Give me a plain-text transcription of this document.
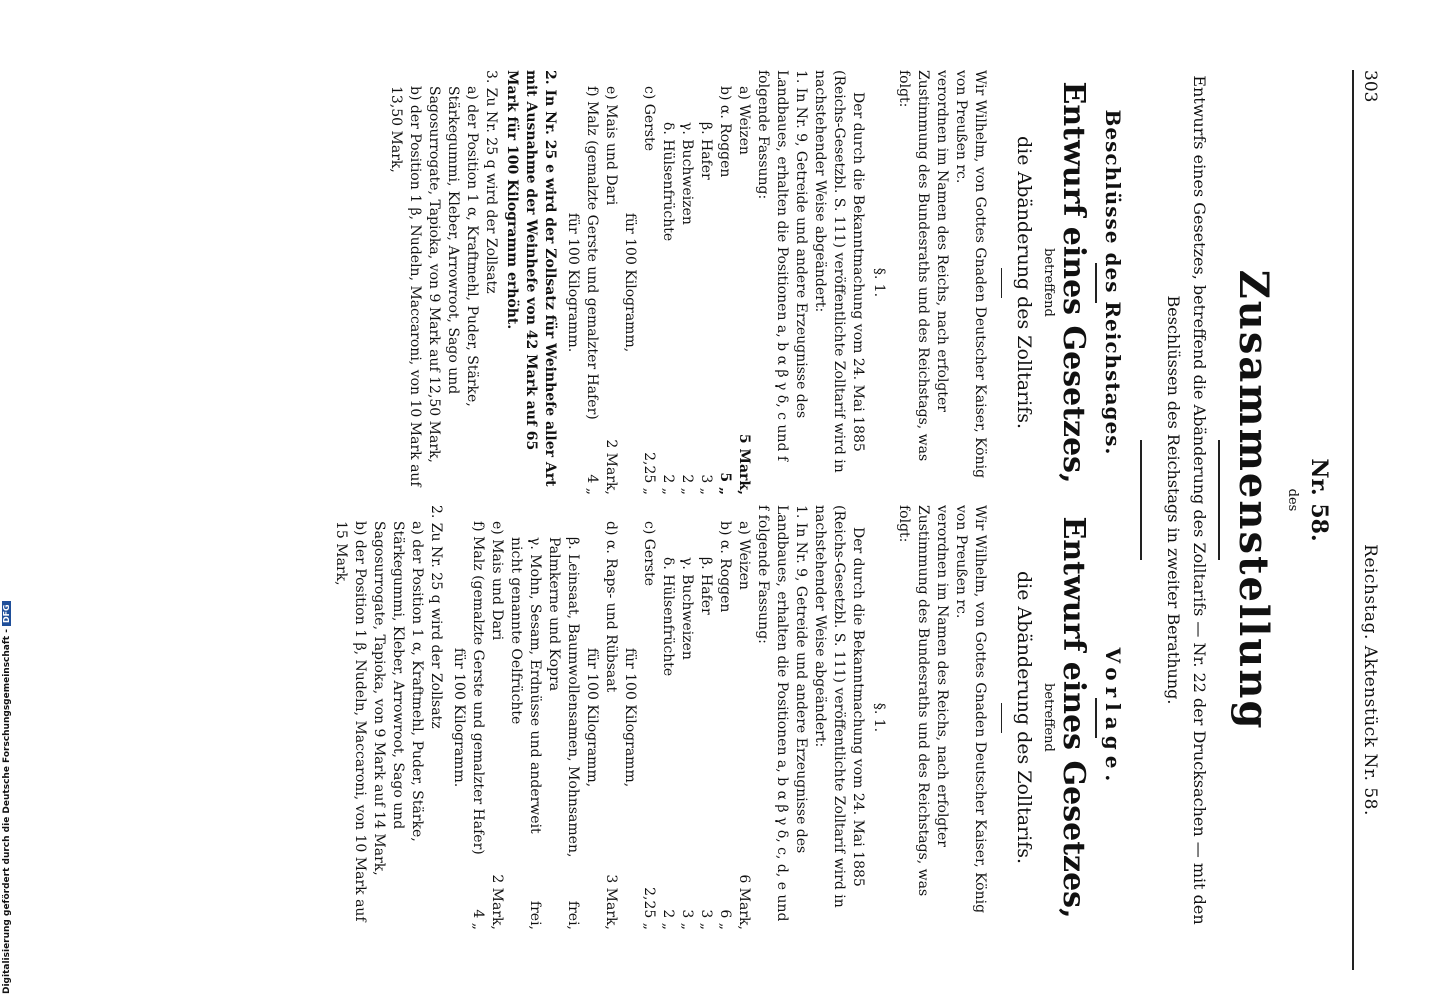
303
Reichstag. Aktenstück Nr. 58.
Nr. 58.
des
Zusammenstellung
Entwurfs eines Gesetzes, betreffend die Abänderung des Zolltarifs — Nr. 22 der Drucksachen — mit den Beschlüssen des Reichstags in zweiter Berathung.
Beschlüsse des Reichstages.
Entwurf eines Gesetzes,
betreffend
die Abänderung des Zolltarifs.

Wir Wilhelm, von Gottes Gnaden Deutscher Kaiser, König von Preußen rc.

verordnen im Namen des Reichs, nach erfolgter Zustimmung des Bundesraths und des Reichstags, was folgt:

§. 1.

Der durch die Bekanntmachung vom 24. Mai 1885 (Reichs-Gesetzbl. S. 111) veröffentlichte Zolltarif wird in nachstehender Weise abgeändert:

1. In Nr. 9, Getreide und andere Erzeugnisse des Landbaues, erhalten die Positionen a, b α β γ δ, c und f folgende Fassung:

a) Weizen
5 Mark,
b) α. Roggen
5 „
β. Hafer
3 „
γ. Buchweizen
2 „
δ. Hülsenfrüchte
2 „
c) Gerste
2,25 „
für 100 Kilogramm,
e) Mais und Dari
2 Mark,
f) Malz (gemalzte Gerste und gemalzter Hafer)
4 „
für 100 Kilogramm.

2. In Nr. 25 e wird der Zollsatz für Weinhefe aller Art mit Ausnahme der Weinhefe von 42 Mark auf 65 Mark für 100 Kilogramm erhöht.

3. Zu Nr. 25 q wird der Zollsatz

a) der Position 1 α, Kraftmehl, Puder, Stärke, Stärkegummi, Kleber, Arrowroot, Sago und Sagosurrogate, Tapioka, von 9 Mark auf 12,50 Mark,

b) der Position 1 β, Nudeln, Maccaroni, von 10 Mark auf 13,50 Mark,

Vorlage.
Entwurf eines Gesetzes,
betreffend
die Abänderung des Zolltarifs.

Wir Wilhelm, von Gottes Gnaden Deutscher Kaiser, König von Preußen rc.

verordnen im Namen des Reichs, nach erfolgter Zustimmung des Bundesraths und des Reichstags, was folgt:

§. 1.

Der durch die Bekanntmachung vom 24. Mai 1885 (Reichs-Gesetzbl. S. 111) veröffentlichte Zolltarif wird in nachstehender Weise abgeändert:

1. In Nr. 9, Getreide und andere Erzeugnisse des Landbaues, erhalten die Positionen a, b α β γ δ, c, d, e und f folgende Fassung:

a) Weizen
6 Mark,
b) α. Roggen
6 „
β. Hafer
3 „
γ. Buchweizen
3 „
δ. Hülsenfrüchte
2 „
c) Gerste
2,25 „
für 100 Kilogramm,
d) α. Raps- und Rübsaat
3 Mark,
für 100 Kilogramm,
β. Leinsaat, Baumwollensamen, Mohnsamen, Palmkerne und Kopra
frei,
γ. Mohn, Sesam, Erdnüsse und anderweit nicht genannte Oelfrüchte
frei,
e) Mais und Dari
2 Mark,
f) Malz (gemalzte Gerste und gemalzter Hafer)
4 „
für 100 Kilogramm.

2. Zu Nr. 25 q wird der Zollsatz

a) der Position 1 α, Kraftmehl, Puder, Stärke, Stärkegummi, Kleber, Arrowroot, Sago und Sagosurrogate, Tapioka, von 9 Mark auf 14 Mark,

b) der Position 1 β, Nudeln, Maccaroni, von 10 Mark auf 15 Mark,

Digitalisierung gefördert durch die Deutsche Forschungsgemeinschaft -DFG
